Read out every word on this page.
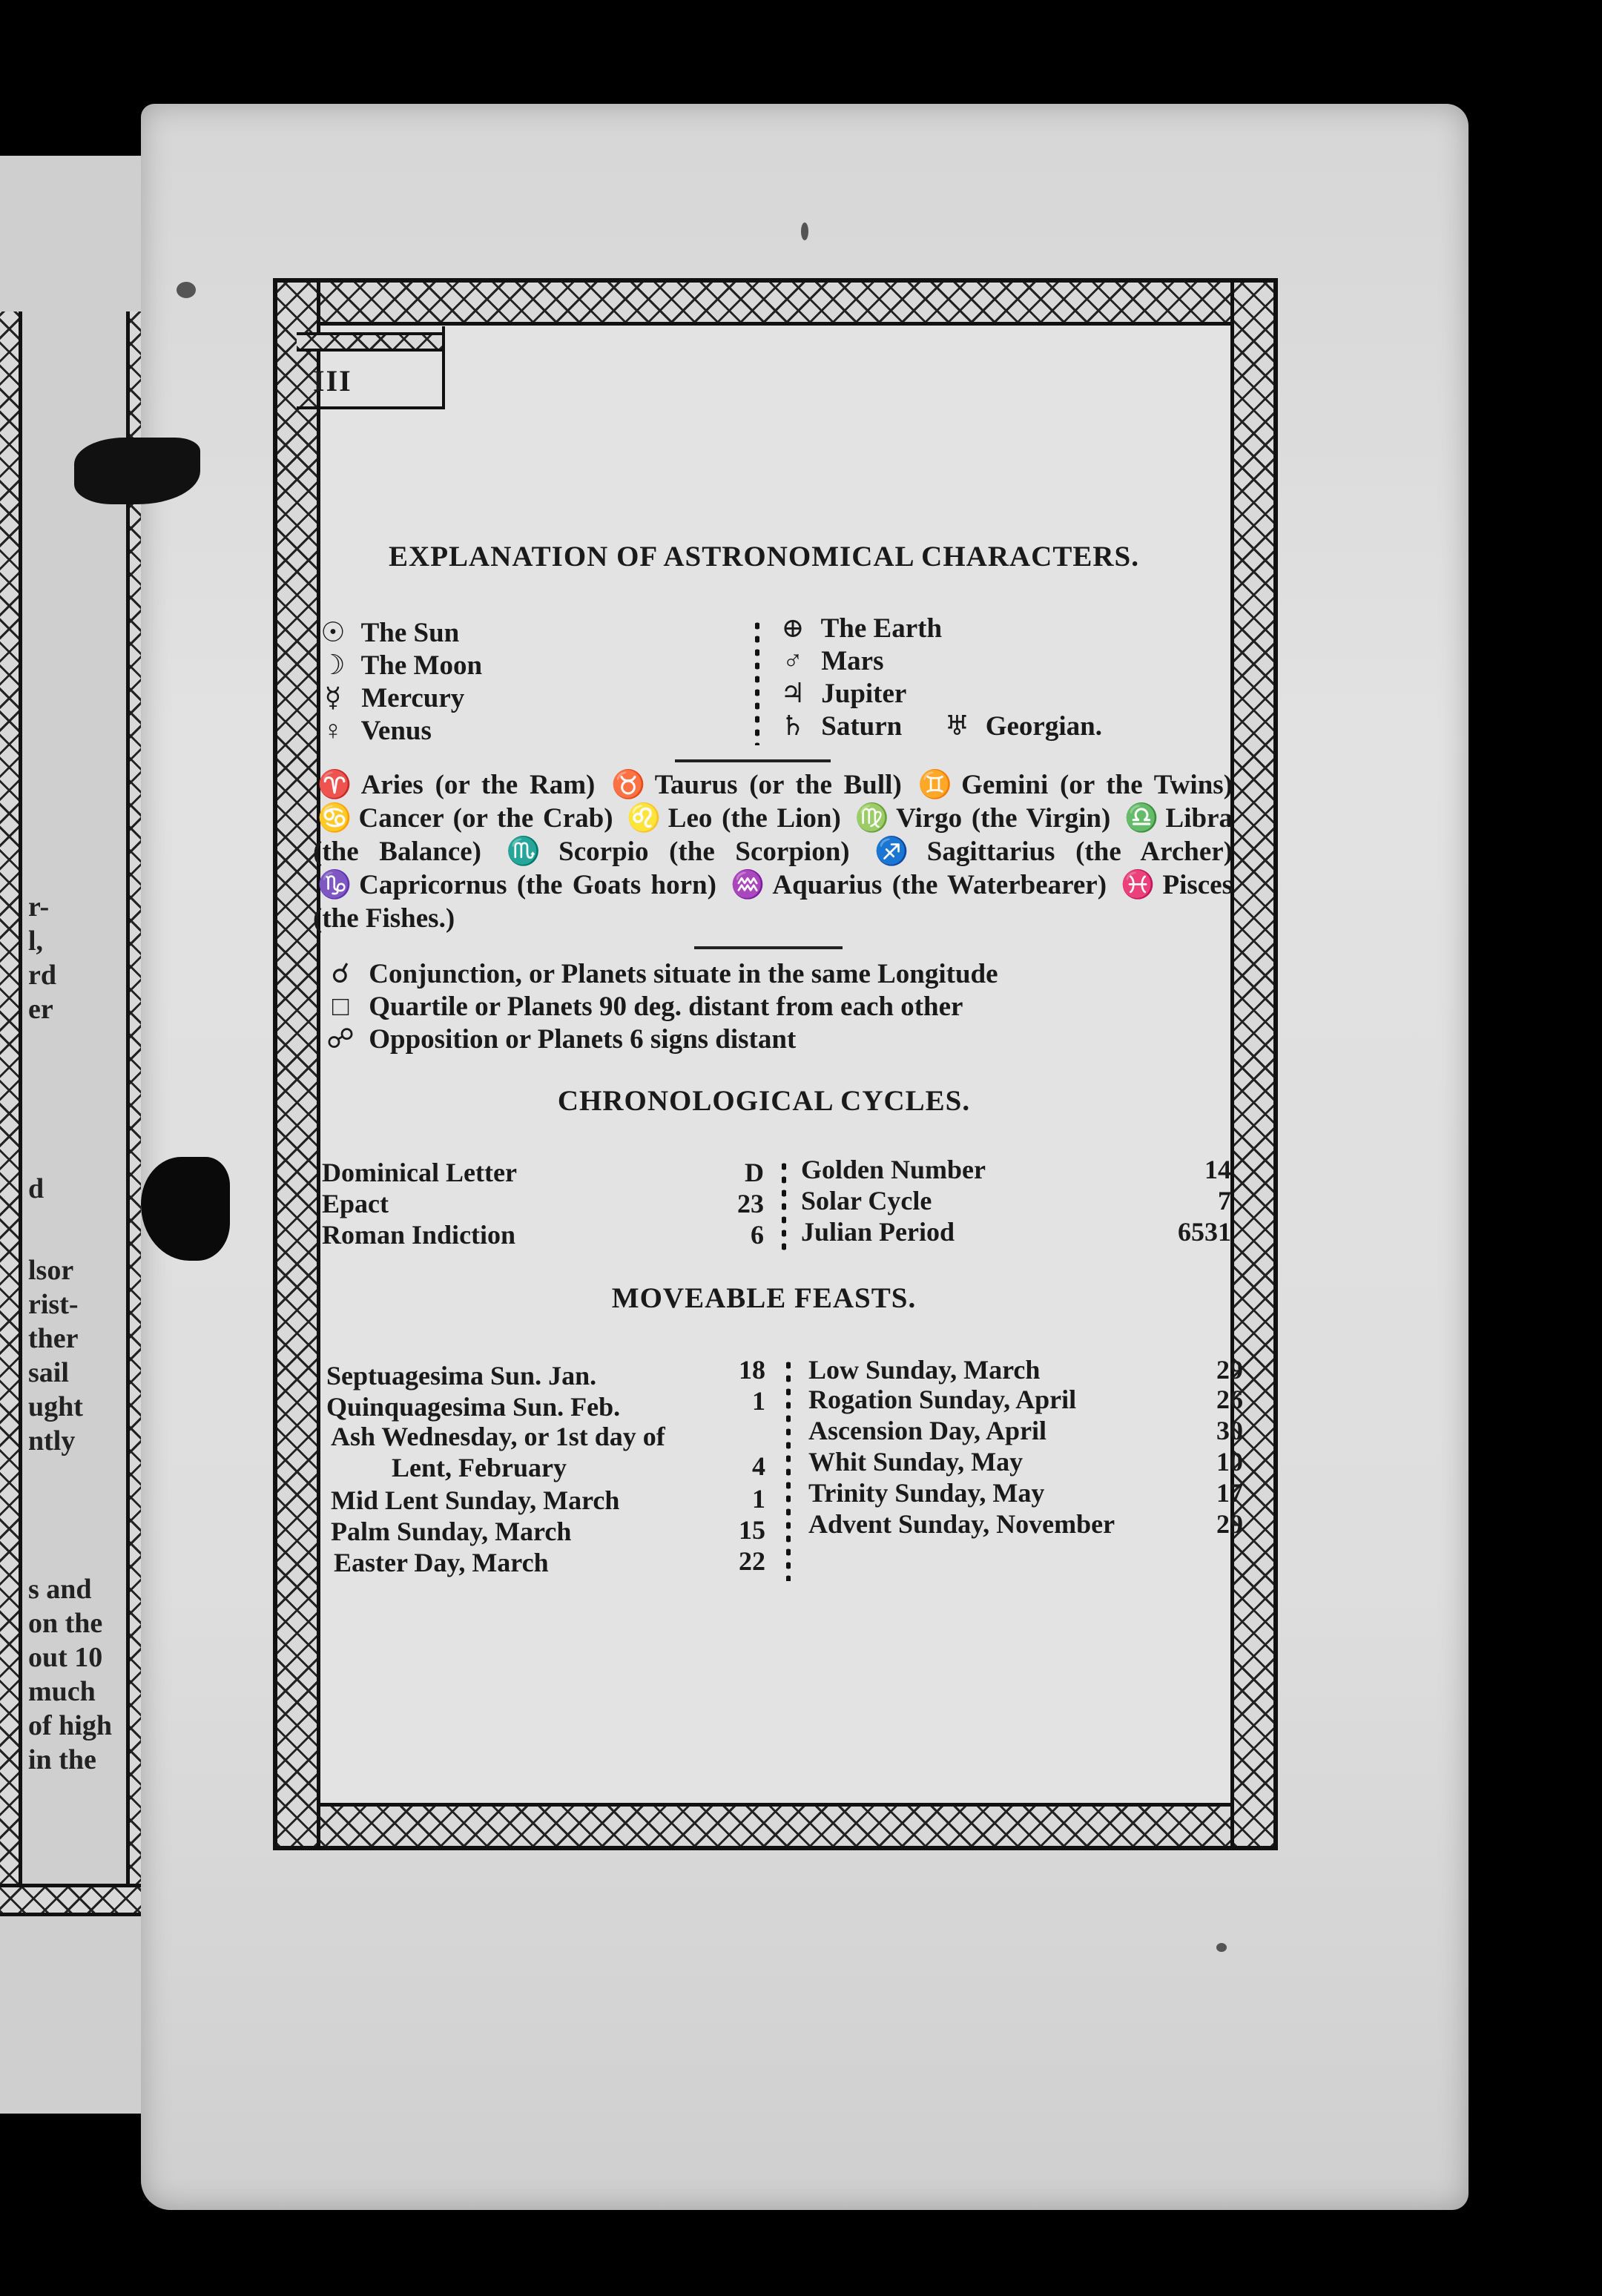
r-
l,
rd
er
d
lsor
rist-
ther
sail
ught
ntly
s and
on the
out 10
much
of high
in the
III
EXPLANATION OF ASTRONOMICAL CHARACTERS.
☉ The Sun
☽ The Moon
☿ Mercury
♀ Venus
⊕ The Earth
♂ Mars
♃ Jupiter
♄ Saturn ♅ Georgian.
♈ Aries (or the Ram) ♉ Taurus (or the Bull) ♊ Gemini (or the Twins) ♋ Cancer (or the Crab) ♌ Leo (the Lion) ♍ Virgo (the Virgin) ♎ Libra (the Balance) ♏ Scorpio (the Scorpion) ♐ Sagittarius (the Archer) ♑ Capricornus (the Goats horn) ♒ Aquarius (the Waterbearer) ♓ Pisces (the Fishes.)
☌ Conjunction, or Planets situate in the same Longitude
□ Quartile or Planets 90 deg. distant from each other
☍ Opposition or Planets 6 signs distant
CHRONOLOGICAL CYCLES.
Dominical Letter	D
Epact	23
Roman Indiction	6
Golden Number	14
Solar Cycle	7
Julian Period	6531
MOVEABLE FEASTS.
Septuagesima Sun. Jan.	18
Quinquagesima Sun. Feb.	1
Ash Wednesday, or 1st day of
Lent, February	4
Mid Lent Sunday, March	1
Palm Sunday, March	15
Easter Day, March	22
Low Sunday, March	29
Rogation Sunday, April	26
Ascension Day, April	30
Whit Sunday, May	10
Trinity Sunday, May	17
Advent Sunday, November	29
